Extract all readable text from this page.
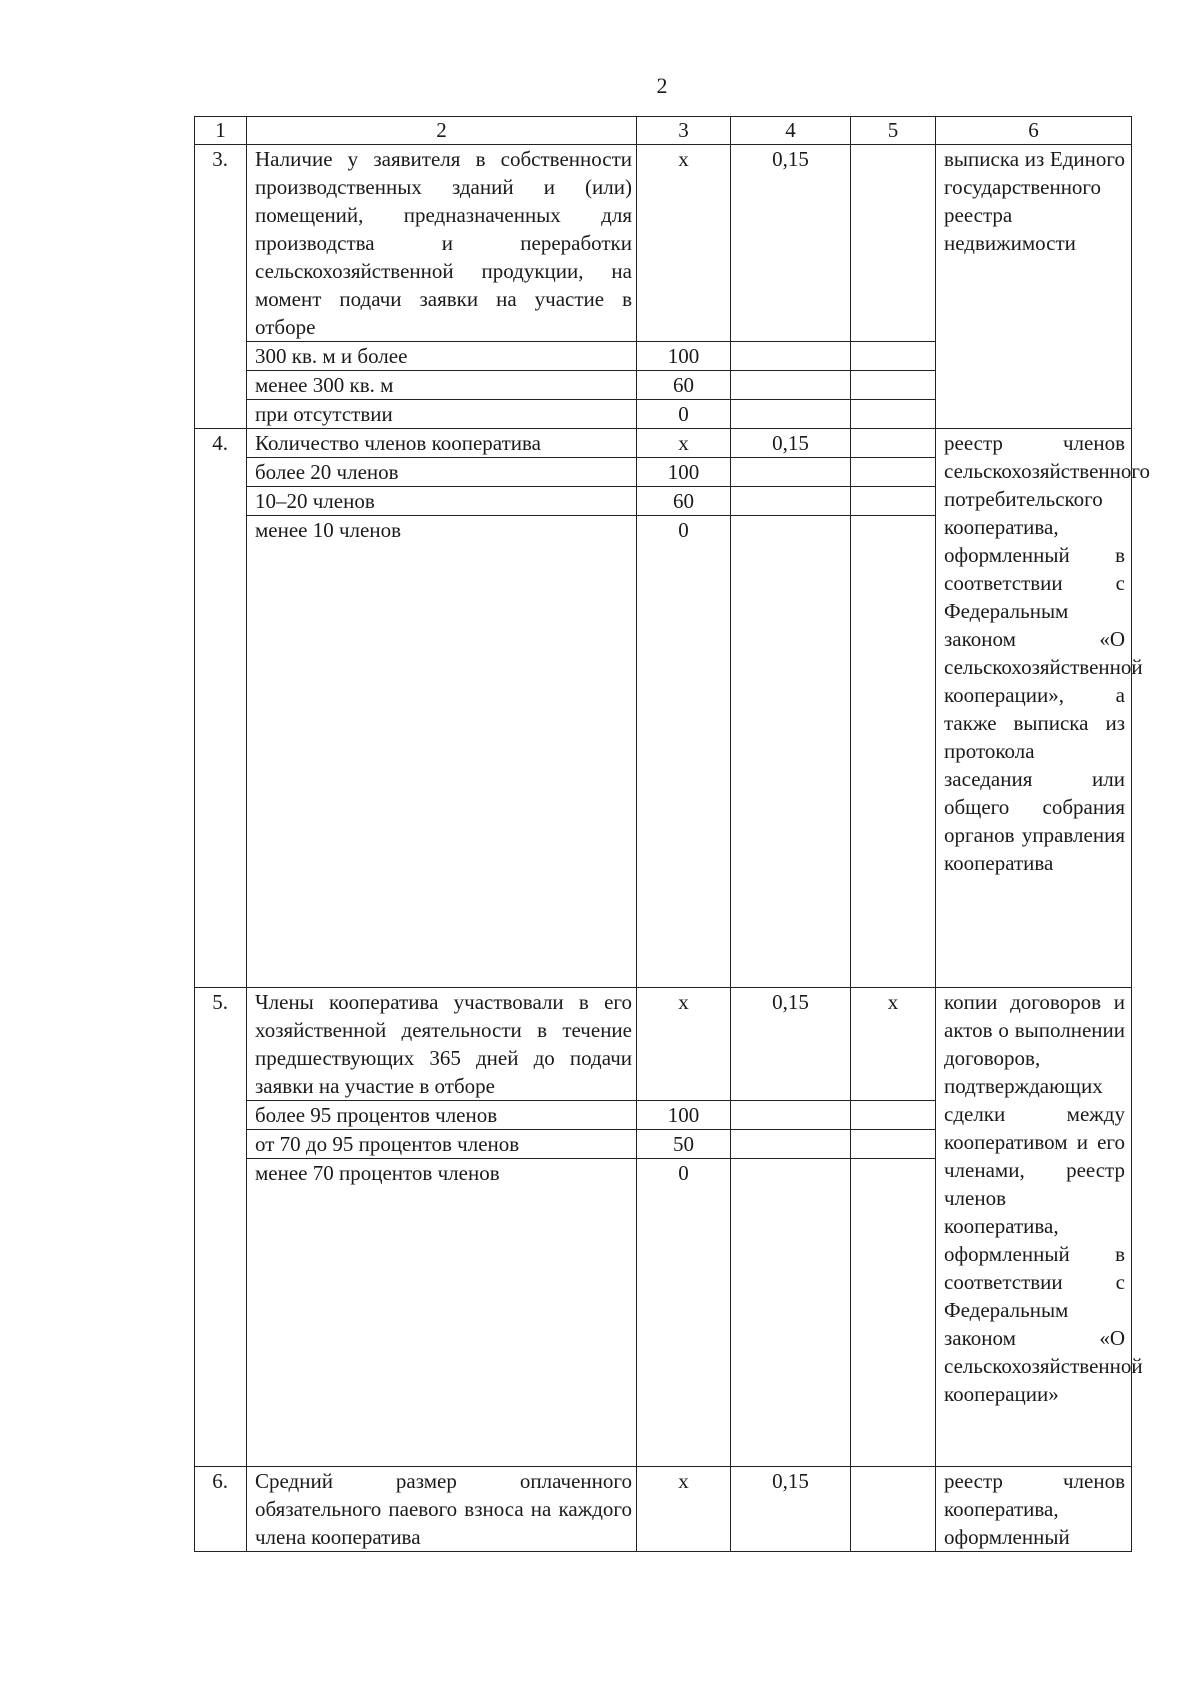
2
1	2	3	4	5	6
3.	Наличие у заявителя в собственности производственных зданий и (или) помещений, предназначенных для производства и переработки сельскохозяйственной продукции, на момент подачи заявки на участие в отборе	х	0,15		выписка из Единого государственного реестра недвижимости
	300 кв. м и более	100			
	менее 300 кв. м	60			
	при отсутствии	0			
4.	Количество членов кооператива	х	0,15		реестр членов сельскохозяйственного потребительского кооператива, оформленный в соответствии с Федеральным законом «О сельскохозяйственной кооперации», а также выписка из протокола заседания или общего собрания органов управления кооператива
	более 20 членов	100			
	10–20 членов	60			
	менее 10 членов	0			
5.	Члены кооператива участвовали в его хозяйственной деятельности в течение предшествующих 365 дней до подачи заявки на участие в отборе	х	0,15	х	копии договоров и актов о выполнении договоров, подтверждающих сделки между кооперативом и его членами, реестр членов кооператива, оформленный в соответствии с Федеральным законом «О сельскохозяйственной кооперации»
	более 95 процентов членов	100			
	от 70 до 95 процентов членов	50			
	менее 70 процентов членов	0			
6.	Средний размер оплаченного обязательного паевого взноса на каждого члена кооператива	х	0,15		реестр членов кооператива, оформленный
